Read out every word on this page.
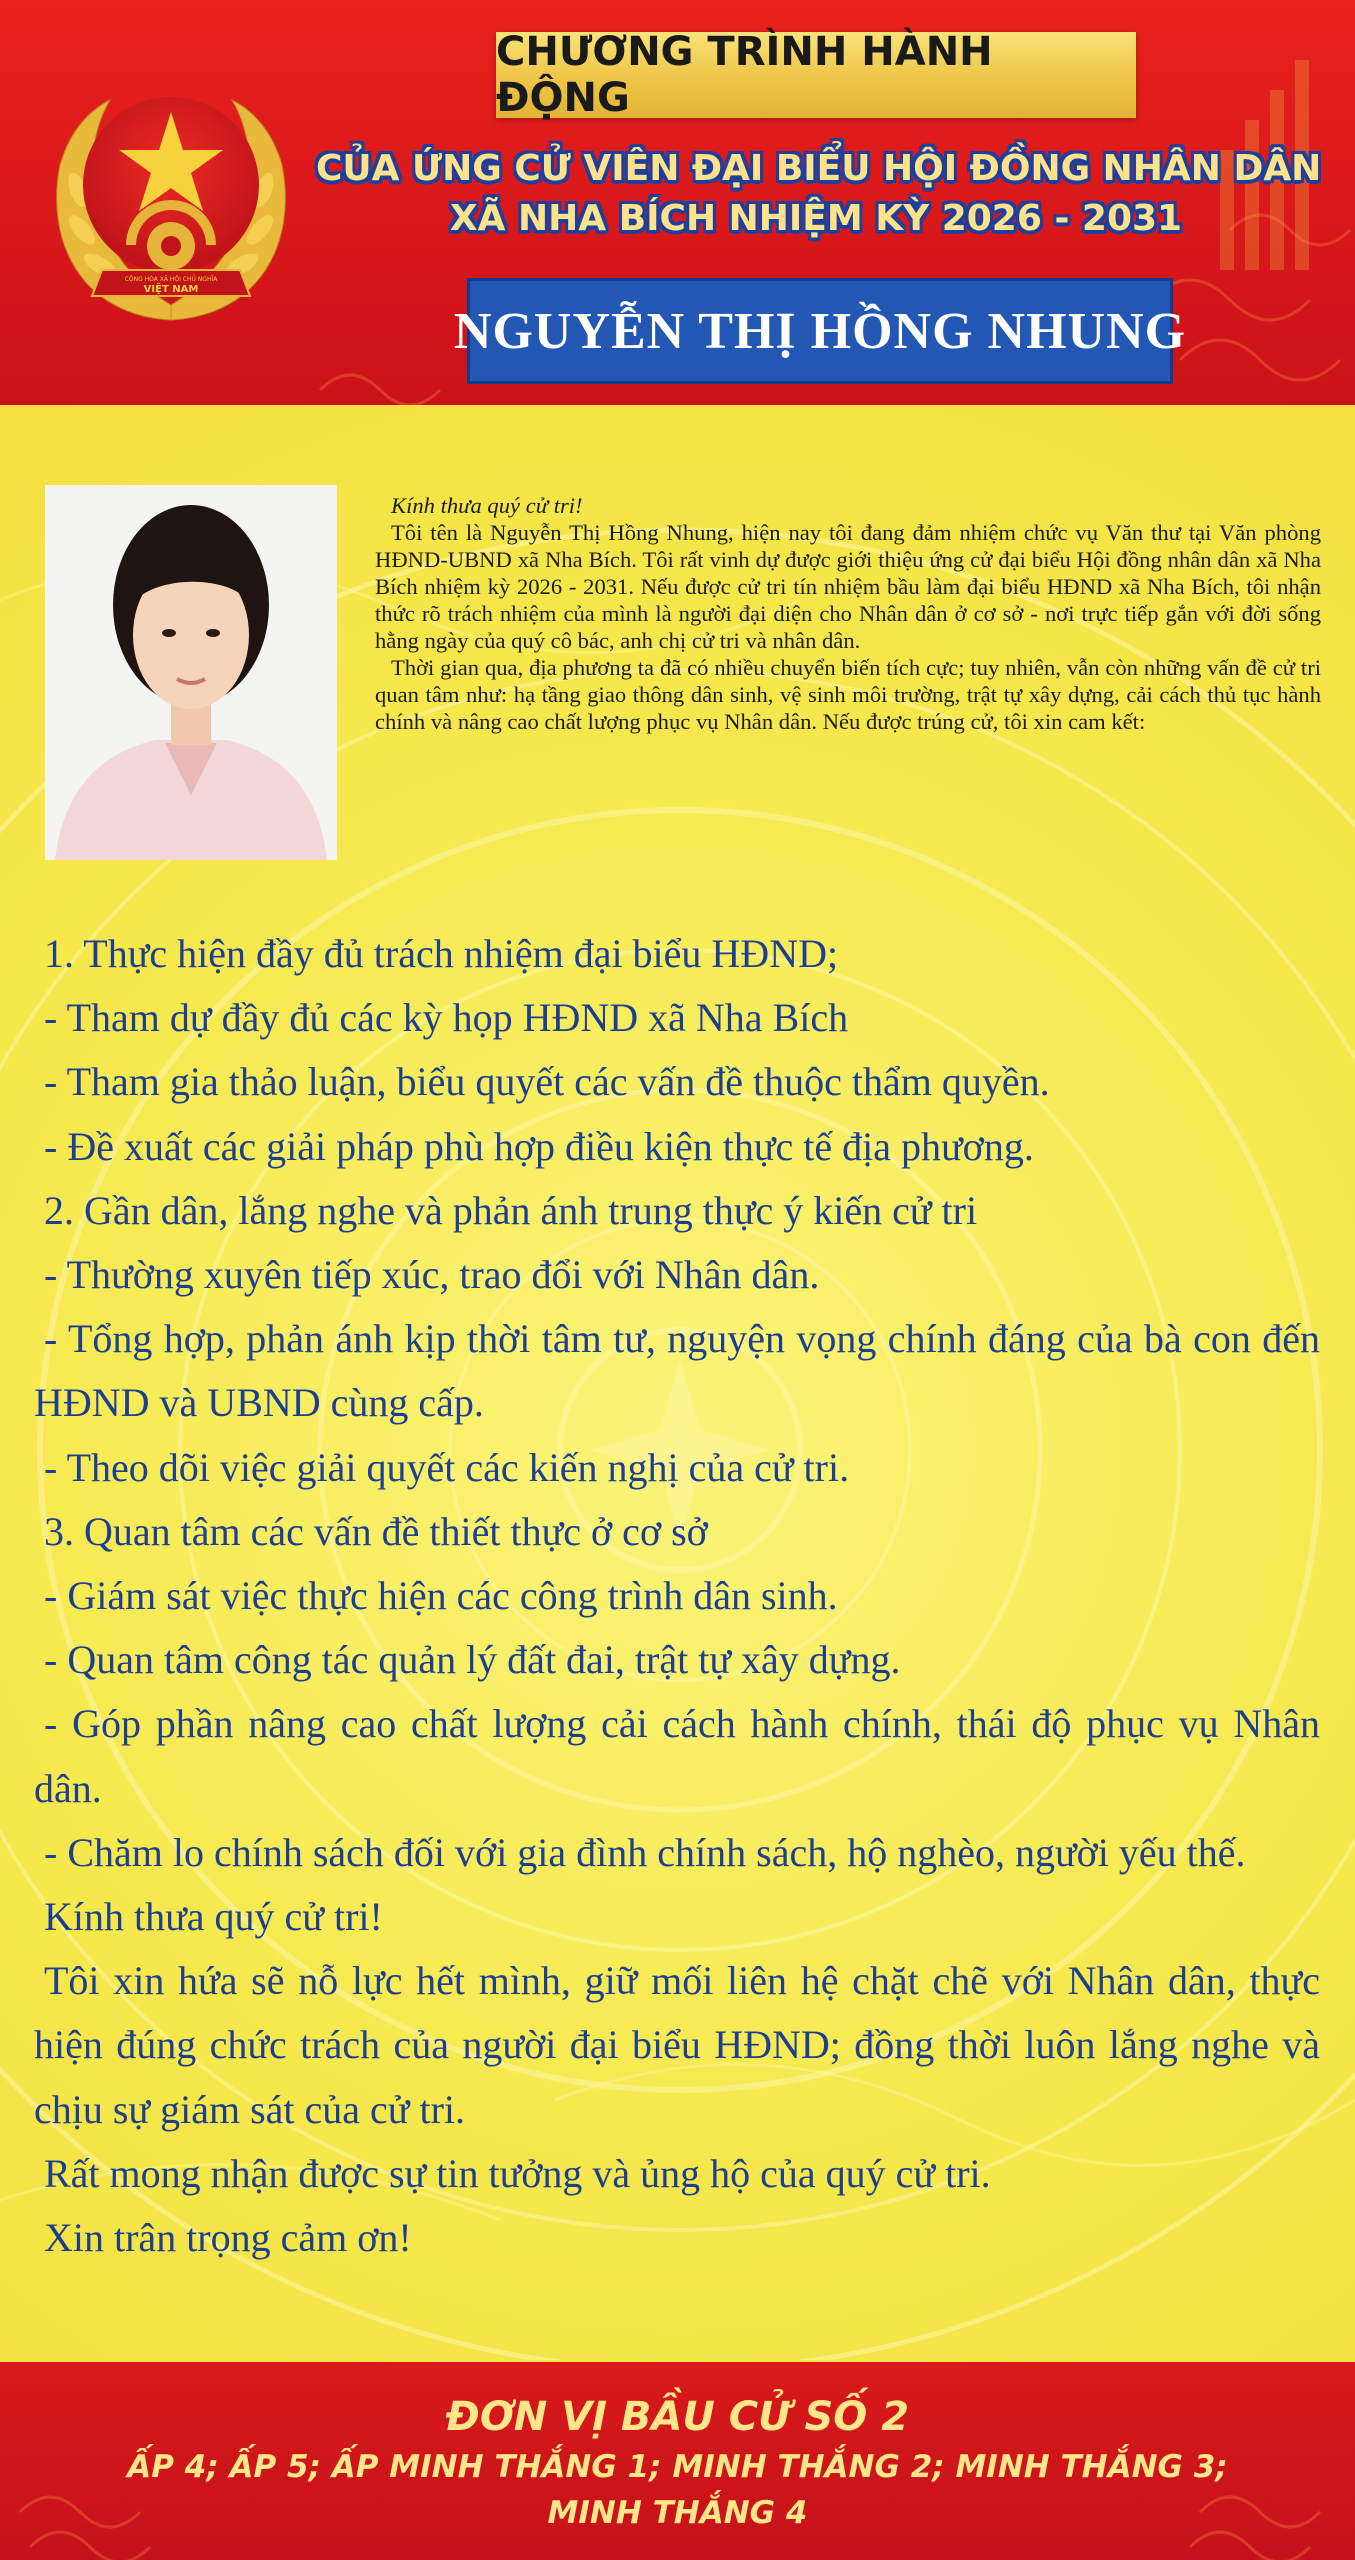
CỘNG HÒA XÃ HỘI CHỦ NGHĨA
VIỆT NAM
CHƯƠNG TRÌNH HÀNH ĐỘNG
CỦA ỨNG CỬ VIÊN ĐẠI BIỂU HỘI ĐỒNG NHÂN DÂN
XÃ NHA BÍCH NHIỆM KỲ 2026 - 2031
NGUYỄN THỊ HỒNG NHUNG

Kính thưa quý cử tri!

Tôi tên là Nguyễn Thị Hồng Nhung, hiện nay tôi đang đảm nhiệm chức vụ Văn thư tại Văn phòng HĐND-UBND xã Nha Bích. Tôi rất vinh dự được giới thiệu ứng cử đại biểu Hội đồng nhân dân xã Nha Bích nhiệm kỳ 2026 - 2031. Nếu được cử tri tín nhiệm bầu làm đại biểu HĐND xã Nha Bích, tôi nhận thức rõ trách nhiệm của mình là người đại diện cho Nhân dân ở cơ sở - nơi trực tiếp gắn với đời sống hằng ngày của quý cô bác, anh chị cử tri và nhân dân.

Thời gian qua, địa phương ta đã có nhiều chuyển biến tích cực; tuy nhiên, vẫn còn những vấn đề cử tri quan tâm như: hạ tầng giao thông dân sinh, vệ sinh môi trường, trật tự xây dựng, cải cách thủ tục hành chính và nâng cao chất lượng phục vụ Nhân dân. Nếu được trúng cử, tôi xin cam kết:

1. Thực hiện đầy đủ trách nhiệm đại biểu HĐND;

- Tham dự đầy đủ các kỳ họp HĐND xã Nha Bích

- Tham gia thảo luận, biểu quyết các vấn đề thuộc thẩm quyền.

- Đề xuất các giải pháp phù hợp điều kiện thực tế địa phương.

2. Gần dân, lắng nghe và phản ánh trung thực ý kiến cử tri

- Thường xuyên tiếp xúc, trao đổi với Nhân dân.

- Tổng hợp, phản ánh kịp thời tâm tư, nguyện vọng chính đáng của bà con đến HĐND và UBND cùng cấp.

- Theo dõi việc giải quyết các kiến nghị của cử tri.

3. Quan tâm các vấn đề thiết thực ở cơ sở

- Giám sát việc thực hiện các công trình dân sinh.

- Quan tâm công tác quản lý đất đai, trật tự xây dựng.

- Góp phần nâng cao chất lượng cải cách hành chính, thái độ phục vụ Nhân dân.

- Chăm lo chính sách đối với gia đình chính sách, hộ nghèo, người yếu thế.

Kính thưa quý cử tri!

Tôi xin hứa sẽ nỗ lực hết mình, giữ mối liên hệ chặt chẽ với Nhân dân, thực hiện đúng chức trách của người đại biểu HĐND; đồng thời luôn lắng nghe và chịu sự giám sát của cử tri.

Rất mong nhận được sự tin tưởng và ủng hộ của quý cử tri.

Xin trân trọng cảm ơn!

ĐƠN VỊ BẦU CỬ SỐ 2
ẤP 4; ẤP 5; ẤP MINH THẮNG 1; MINH THẮNG 2; MINH THẮNG 3;
MINH THẮNG 4
